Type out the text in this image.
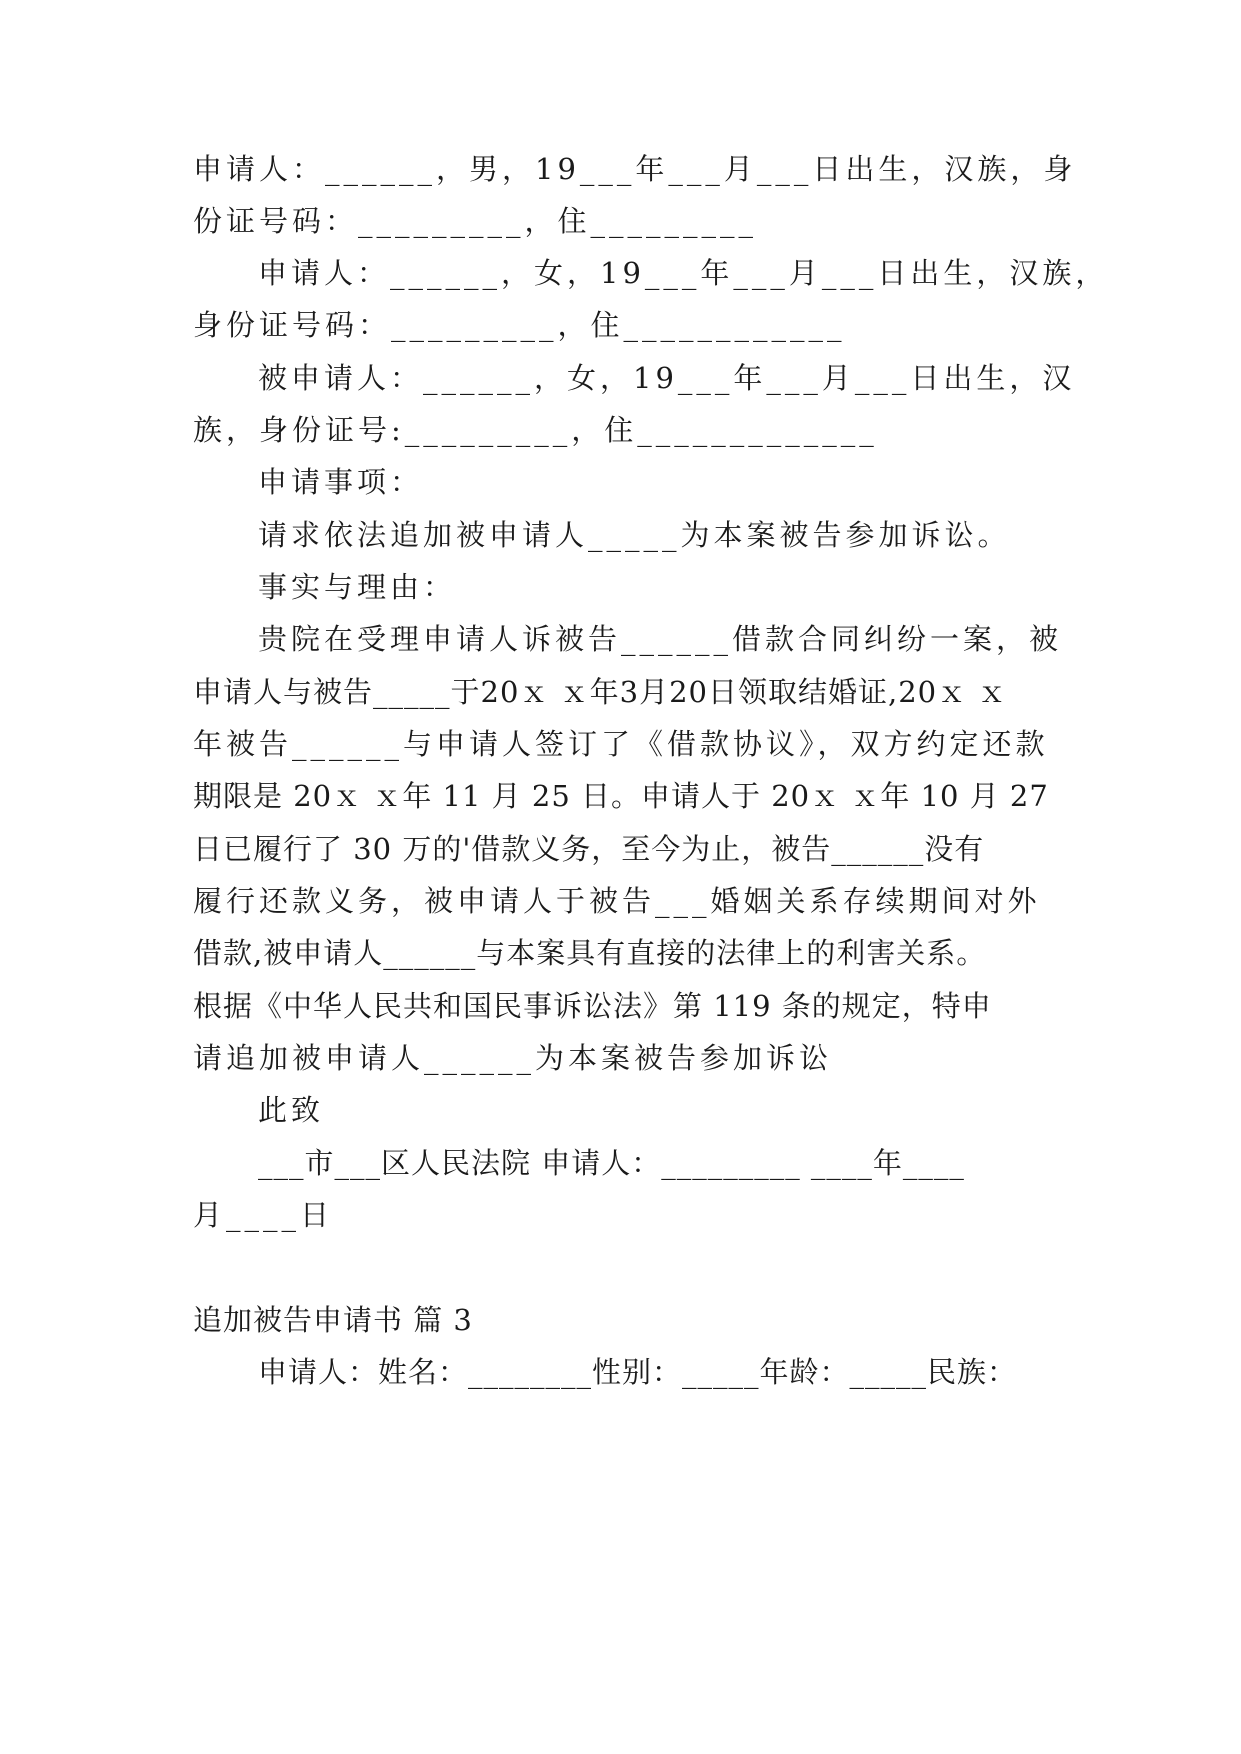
申请人：______，男，19___年___月___日出生，汉族，身
份证号码：_________，住_________
申请人：______，女，19___年___月___日出生，汉族，
身份证号码：_________，住____________
被申请人：______，女，19___年___月___日出生，汉
族，身份证号:_________，住_____________
申请事项：
请求依法追加被申请人_____为本案被告参加诉讼。
事实与理由：
贵院在受理申请人诉被告______借款合同纠纷一案，被
申请人与被告_____于20ｘ ｘ年3月20日领取结婚证,20ｘ ｘ
年被告______与申请人签订了《借款协议》，双方约定还款
期限是 20ｘ ｘ年 11 月 25 日。申请人于 20ｘ ｘ年 10 月 27
日已履行了 30 万的'借款义务，至今为止，被告______没有
履行还款义务，被申请人于被告___婚姻关系存续期间对外
借款,被申请人______与本案具有直接的法律上的利害关系。
根据《中华人民共和国民事诉讼法》第 119 条的规定，特申
请追加被申请人______为本案被告参加诉讼
此致
___市___区人民法院 申请人：_________ ____年____
月____日
追加被告申请书 篇 3
申请人：姓名：________性别：_____年龄：_____民族：
